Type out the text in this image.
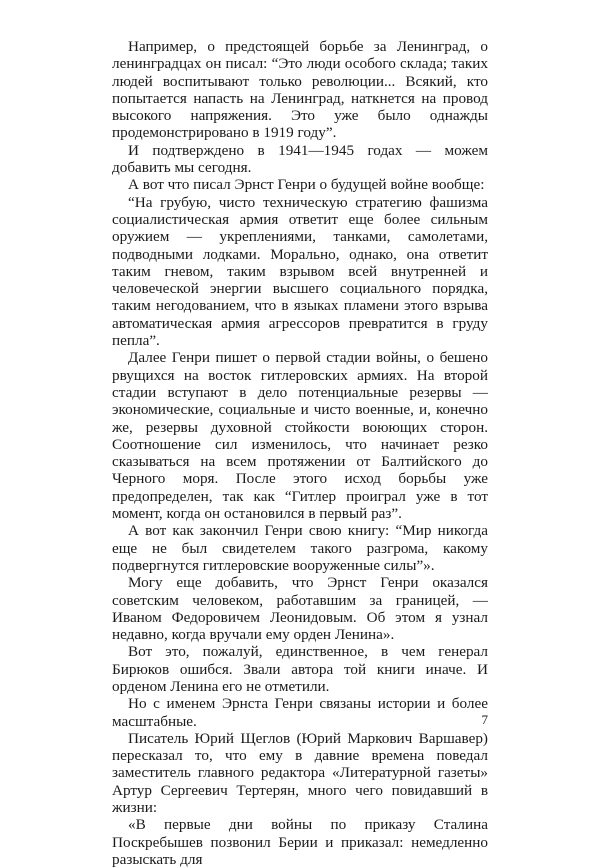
Например, о предстоящей борьбе за Ленинград, о ленинградцах он писал: “Это люди особого склада; таких людей воспитывают только революции... Всякий, кто попытается напасть на Ленинград, наткнется на провод высокого напряжения. Это уже было однажды продемонстрировано в 1919 году”.

И подтверждено в 1941—1945 годах — можем добавить мы сегодня.

А вот что писал Эрнст Генри о будущей войне вообще:

“На грубую, чисто техническую стратегию фашизма социалистическая армия ответит еще более сильным оружием — укреплениями, танками, самолетами, подводными лодками. Морально, однако, она ответит таким гневом, таким взрывом всей внутренней и человеческой энергии высшего социального порядка, таким негодованием, что в языках пламени этого взрыва автоматическая армия агрессоров превратится в груду пепла”.

Далее Генри пишет о первой стадии войны, о бешено рвущихся на восток гитлеровских армиях. На второй стадии вступают в дело потенциальные резервы — экономические, социальные и чисто военные, и, конечно же, резервы духовной стойкости воюющих сторон. Соотношение сил изменилось, что начинает резко сказываться на всем протяжении от Балтийского до Черного моря. После этого исход борьбы уже предопределен, так как “Гитлер проиграл уже в тот момент, когда он остановился в первый раз”.

А вот как закончил Генри свою книгу: “Мир никогда еще не был свидетелем такого разгрома, какому подвергнутся гитлеровские вооруженные силы”».

Могу еще добавить, что Эрнст Генри оказался советским человеком, работавшим за границей, — Иваном Федоровичем Леонидовым. Об этом я узнал недавно, когда вручали ему орден Ленина».

Вот это, пожалуй, единственное, в чем генерал Бирюков ошибся. Звали автора той книги иначе. И орденом Ленина его не отметили.

Но с именем Эрнста Генри связаны истории и более масштабные.

Писатель Юрий Щеглов (Юрий Маркович Варшавер) пересказал то, что ему в давние времена поведал заместитель главного редактора «Литературной газеты» Артур Сергеевич Тертерян, много чего повидавший в жизни:

«В первые дни войны по приказу Сталина Поскребышев позвонил Берии и приказал: немедленно разыскать для

7
